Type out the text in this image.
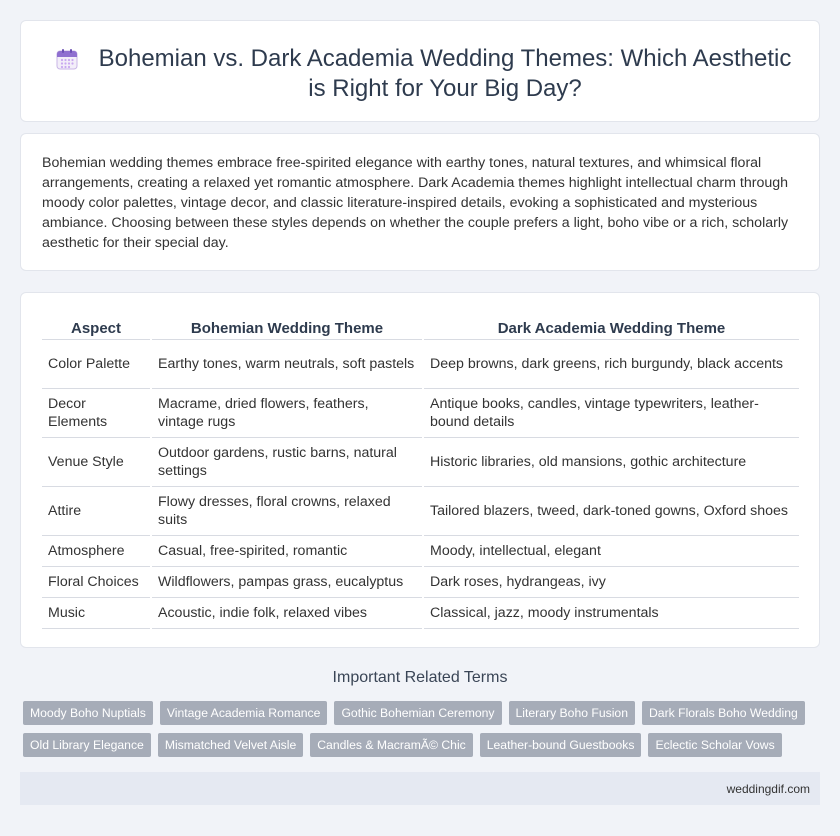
Bohemian vs. Dark Academia Wedding Themes: Which Aesthetic is Right for Your Big Day?

Bohemian wedding themes embrace free-spirited elegance with earthy tones, natural textures, and whimsical floral arrangements, creating a relaxed yet romantic atmosphere. Dark Academia themes highlight intellectual charm through moody color palettes, vintage decor, and classic literature-inspired details, evoking a sophisticated and mysterious ambiance. Choosing between these styles depends on whether the couple prefers a light, boho vibe or a rich, scholarly aesthetic for their special day.

Aspect	Bohemian Wedding Theme	Dark Academia Wedding Theme
Color Palette	Earthy tones, warm neutrals, soft pastels	Deep browns, dark greens, rich burgundy, black accents
Decor Elements	Macrame, dried flowers, feathers, vintage rugs	Antique books, candles, vintage typewriters, leather-bound details
Venue Style	Outdoor gardens, rustic barns, natural settings	Historic libraries, old mansions, gothic architecture
Attire	Flowy dresses, floral crowns, relaxed suits	Tailored blazers, tweed, dark-toned gowns, Oxford shoes
Atmosphere	Casual, free-spirited, romantic	Moody, intellectual, elegant
Floral Choices	Wildflowers, pampas grass, eucalyptus	Dark roses, hydrangeas, ivy
Music	Acoustic, indie folk, relaxed vibes	Classical, jazz, moody instrumentals
Important Related Terms
Moody Boho Nuptials	Vintage Academia Romance	Gothic Bohemian Ceremony	Literary Boho Fusion	Dark Florals Boho Wedding
Old Library Elegance	Mismatched Velvet Aisle	Candles & MacramÃ© Chic	Leather-bound Guestbooks	Eclectic Scholar Vows
weddingdif.com
